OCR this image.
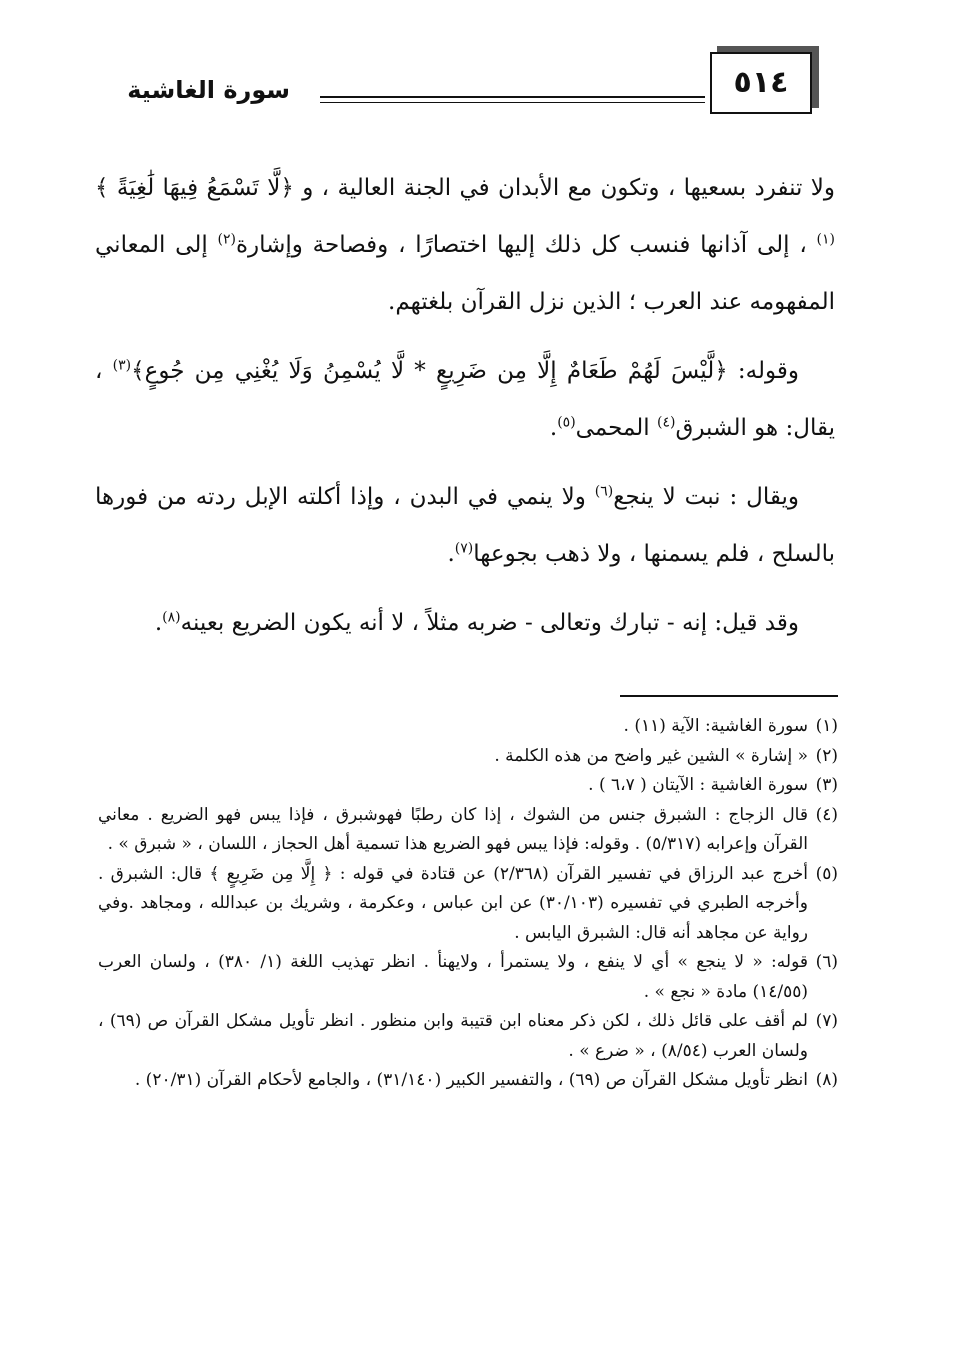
سورة الغاشية	٥١٤

ولا تنفرد بسعيها ، وتكون مع الأبدان في الجنة العالية ، و ﴿لَّا تَسْمَعُ فِيهَا لَٰغِيَةً ﴾$^{(١)}$ ، إلى آذانها فنسب كل ذلك إليها اختصارًا ، وفصاحة وإشارة$^{(٢)}$ إلى المعاني المفهومه عند العرب ؛ الذين نزل القرآن بلغتهم.

وقوله: ﴿لَّيْسَ لَهُمْ طَعَامٌ إِلَّا مِن ضَرِيعٍ * لَّا يُسْمِنُ وَلَا يُغْنِي مِن جُوعٍ﴾$^{(٣)}$ ، يقال: هو الشبرق$^{(٤)}$ المحمى$^{(٥)}$.

ويقال : نبت لا ينجع$^{(٦)}$ ولا ينمي في البدن ، وإذا أكلته الإبل ردته من فورها بالسلح ، فلم يسمنها ، ولا ذهب بجوعها$^{(٧)}$.

وقد قيل: إنه - تبارك وتعالى - ضربه مثلاً ، لا أنه يكون الضريع بعينه$^{(٨)}$.

(١)
سورة الغاشية: الآية (١١) .

(٢)
« إشارة » الشين غير واضح من هذه الكلمة .

(٣)
سورة الغاشية : الآيتان ( ٦،٧ ) .

(٤)
قال الزجاج : الشبرق جنس من الشوك ، إذا كان رطبًا فهوشبرق ، فإذا يبس فهو الضريع . معاني القرآن وإعرابه (٥/٣١٧) . وقوله: فإذا يبس فهو الضريع هذا تسمية أهل الحجاز ، اللسان ، « شبرق » .

(٥)
أخرج عبد الرزاق في تفسير القرآن (٢/٣٦٨) عن قتادة في قوله : ﴿ إِلَّا مِن ضَرِيعٍ ﴾ قال: الشبرق . وأخرجه الطبري في تفسيره (٣٠/١٠٣) عن ابن عباس ، وعكرمة ، وشريك بن عبدالله ، ومجاهد .وفي رواية عن مجاهد أنه قال: الشبرق اليابس .

(٦)
قوله: « لا ينجع » أي لا ينفع ، ولا يستمرأ ، ولايهنأ . انظر تهذيب اللغة (١/ ٣٨٠) ، ولسان العرب (١٤/٥٥) مادة « نجع » .

(٧)
لم أقف على قائل ذلك ، لكن ذكر معناه ابن قتيبة وابن منظور . انظر تأويل مشكل القرآن ص (٦٩) ، ولسان العرب (٨/٥٤) ، « ضرع » .

(٨)
انظر تأويل مشكل القرآن ص (٦٩) ، والتفسير الكبير (٣١/١٤٠) ، والجامع لأحكام القرآن (٢٠/٣١) .
